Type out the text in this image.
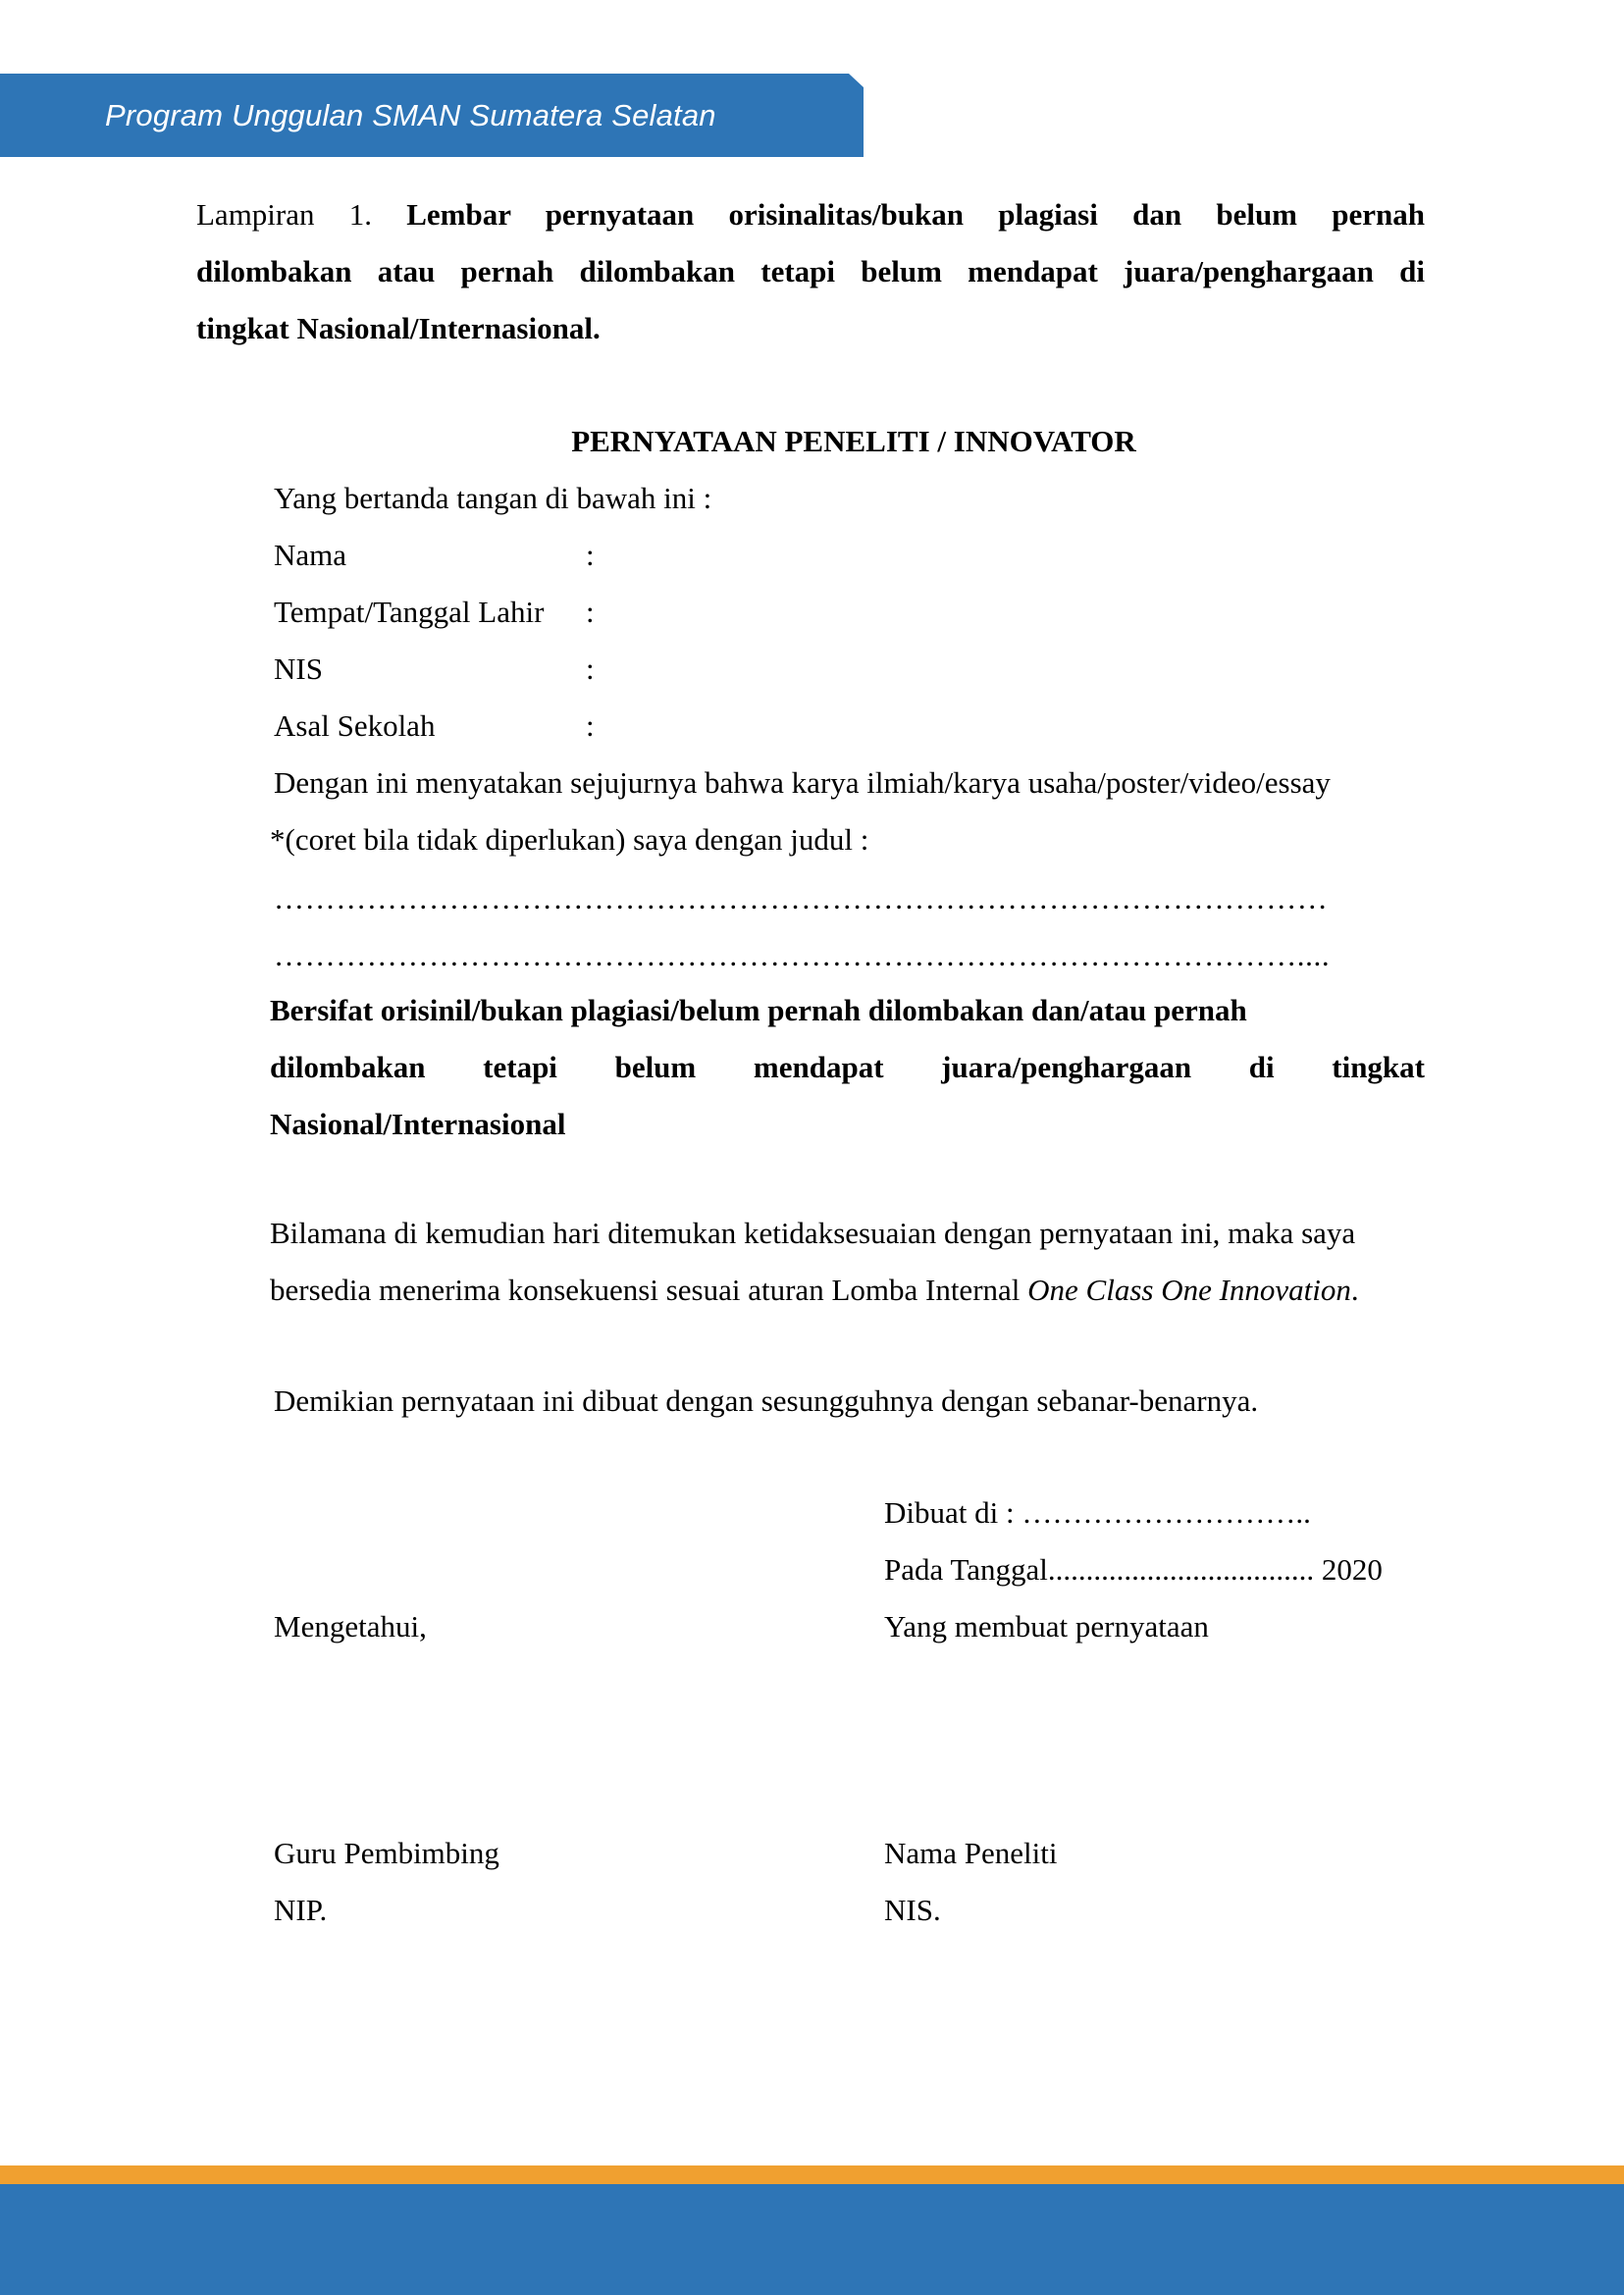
Program Unggulan SMAN Sumatera Selatan
Lampiran 1. Lembar pernyataan orisinalitas/bukan plagiasi dan belum pernah
dilombakan atau pernah dilombakan tetapi belum mendapat juara/penghargaan di
tingkat Nasional/Internasional.
PERNYATAAN PENELITI / INNOVATOR
Yang bertanda tangan di bawah ini :
Nama	:
Tempat/Tanggal Lahir :
NIS	:
Asal Sekolah	:
Dengan ini menyatakan sejujurnya bahwa karya ilmiah/karya usaha/poster/video/essay
*(coret bila tidak diperlukan) saya dengan judul :
…………………………………………………………………………………………
………………………………………………………………………………………....
Bersifat orisinil/bukan plagiasi/belum pernah dilombakan dan/atau pernah
dilombakan tetapi belum mendapat juara/penghargaan di tingkat
Nasional/Internasional
Bilamana di kemudian hari ditemukan ketidaksesuaian dengan pernyataan ini, maka saya
bersedia menerima konsekuensi sesuai aturan Lomba Internal One Class One Innovation.
Demikian pernyataan ini dibuat dengan sesungguhnya dengan sebanar-benarnya.
Dibuat di : ………………………..
Pada Tanggal................................... 2020
Mengetahui,	Yang membuat pernyataan
Guru Pembimbing	Nama Peneliti
NIP.	NIS.
